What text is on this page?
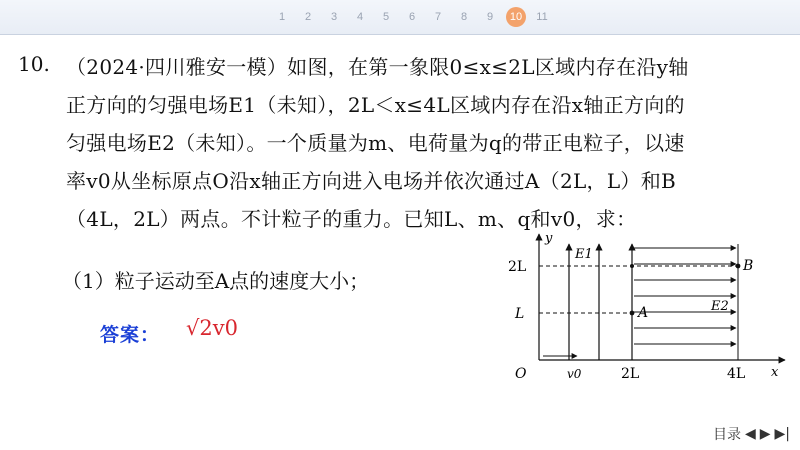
1	2	3	4	5	6	7	8	9	10	11
10. （2024·四川雅安一模）如图，在第一象限0≤x≤2L区域内存在沿y轴
正方向的匀强电场E1（未知），2L＜x≤4L区域内存在沿x轴正方向的
匀强电场E2（未知）。一个质量为m、电荷量为q的带正电粒子，以速
率v0从坐标原点O沿x轴正方向进入电场并依次通过A（2L，L）和B
（4L，2L）两点。不计粒子的重力。已知L、m、q和v0，求：
（1）粒子运动至A点的速度大小；
答案： √2v0
y
x
O	v0	2L	4L
L
2L
E1
E2
A
B
目录 ◀ ▶ ▶|
